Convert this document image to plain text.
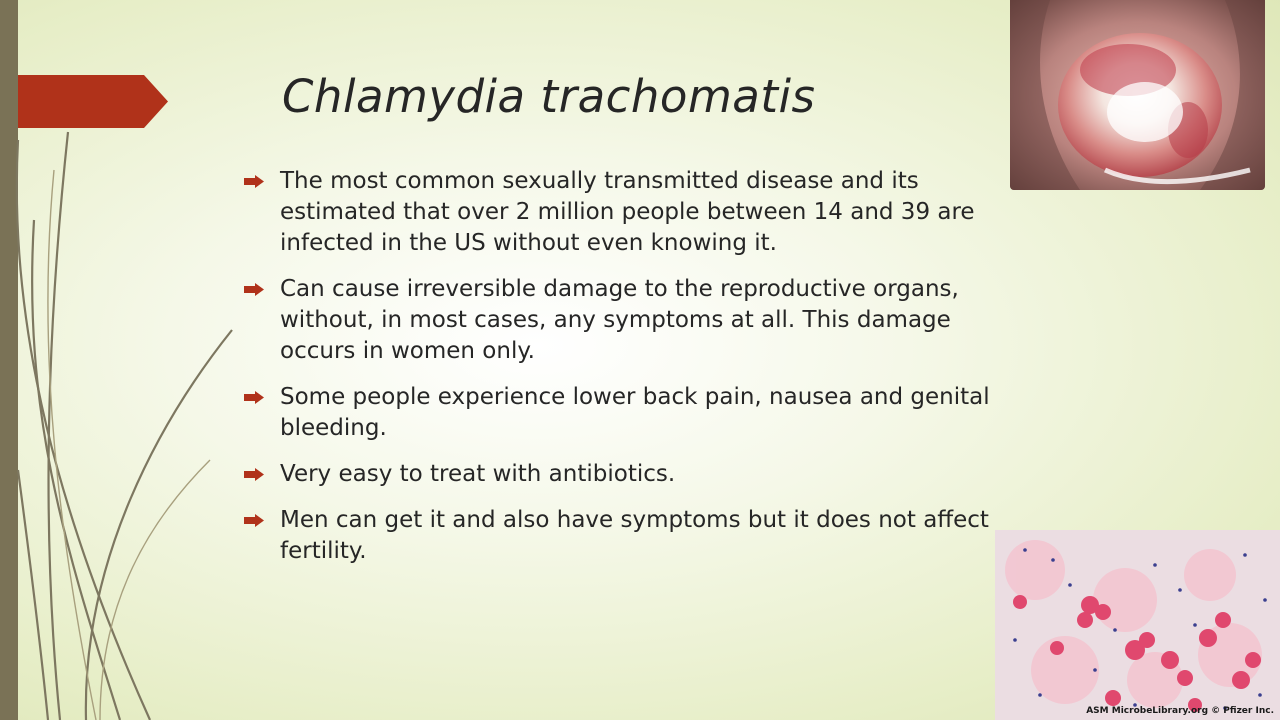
Chlamydia trachomatis
The most common sexually transmitted disease and its estimated that over 2 million people between 14 and 39 are infected in the US without even knowing it.
Can cause irreversible damage to the reproductive organs, without, in most cases, any symptoms at all. This damage occurs in women only.
Some people experience lower back pain, nausea and genital bleeding.
Very easy to treat with antibiotics.
Men can get it and also have symptoms but it does not affect fertility.

ASM MicrobeLibrary.org © Pfizer Inc.
